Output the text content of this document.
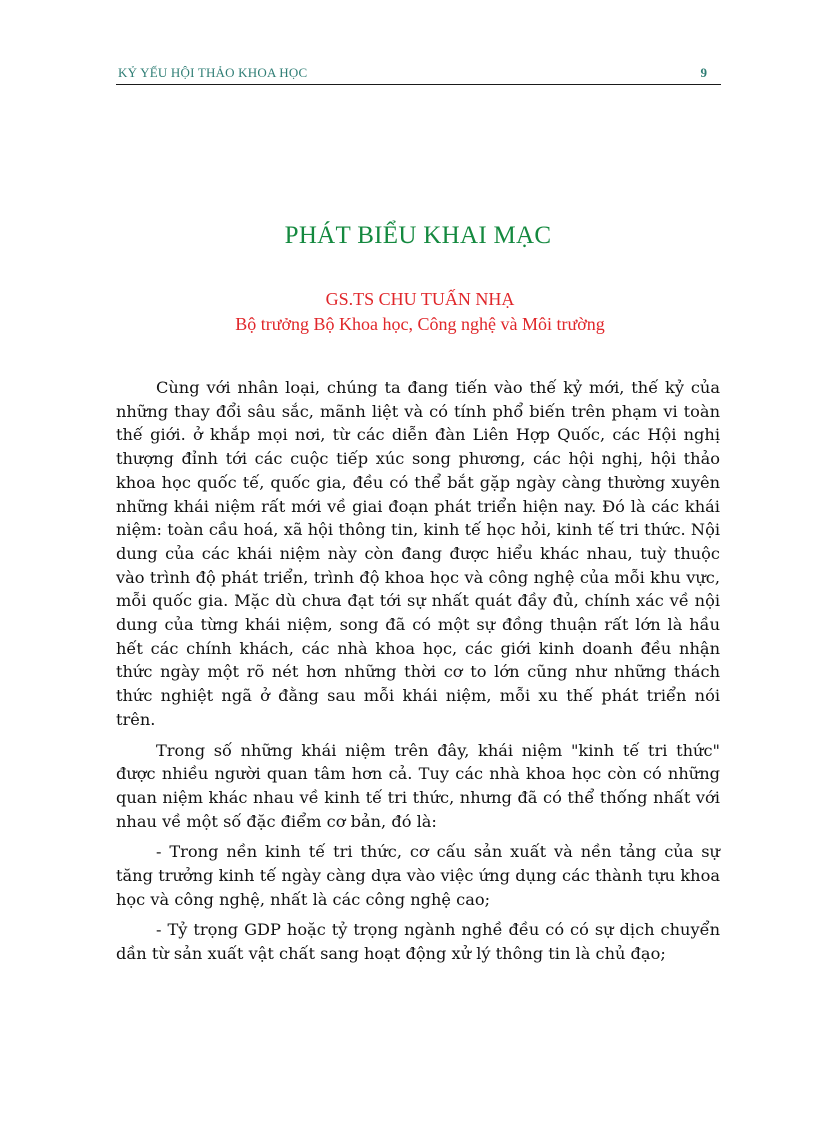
KỶ YẾU HỘI THẢO KHOA HỌC	9
PHÁT BIỂU KHAI MẠC
GS.TS CHU TUẤN NHẠ
Bộ trưởng Bộ Khoa học, Công nghệ và Môi trường

Cùng với nhân loại, chúng ta đang tiến vào thế kỷ mới, thế kỷ của những thay đổi sâu sắc, mãnh liệt và có tính phổ biến trên phạm vi toàn thế giới. ở khắp mọi nơi, từ các diễn đàn Liên Hợp Quốc, các Hội nghị thượng đỉnh tới các cuộc tiếp xúc song phương, các hội nghị, hội thảo khoa học quốc tế, quốc gia, đều có thể bắt gặp ngày càng thường xuyên những khái niệm rất mới về giai đoạn phát triển hiện nay. Đó là các khái niệm: toàn cầu hoá, xã hội thông tin, kinh tế học hỏi, kinh tế tri thức. Nội dung của các khái niệm này còn đang được hiểu khác nhau, tuỳ thuộc vào trình độ phát triển, trình độ khoa học và công nghệ của mỗi khu vực, mỗi quốc gia. Mặc dù chưa đạt tới sự nhất quát đầy đủ, chính xác về nội dung của từng khái niệm, song đã có một sự đồng thuận rất lớn là hầu hết các chính khách, các nhà khoa học, các giới kinh doanh đều nhận thức ngày một rõ nét hơn những thời cơ to lớn cũng như những thách thức nghiệt ngã ở đằng sau mỗi khái niệm, mỗi xu thế phát triển nói trên.

Trong số những khái niệm trên đây, khái niệm "kinh tế tri thức" được nhiều người quan tâm hơn cả. Tuy các nhà khoa học còn có những quan niệm khác nhau về kinh tế tri thức, nhưng đã có thể thống nhất với nhau về một số đặc điểm cơ bản, đó là:

- Trong nền kinh tế tri thức, cơ cấu sản xuất và nền tảng của sự tăng trưởng kinh tế ngày càng dựa vào việc ứng dụng các thành tựu khoa học và công nghệ, nhất là các công nghệ cao;

- Tỷ trọng GDP hoặc tỷ trọng ngành nghề đều có có sự dịch chuyển dần từ sản xuất vật chất sang hoạt động xử lý thông tin là chủ đạo;
